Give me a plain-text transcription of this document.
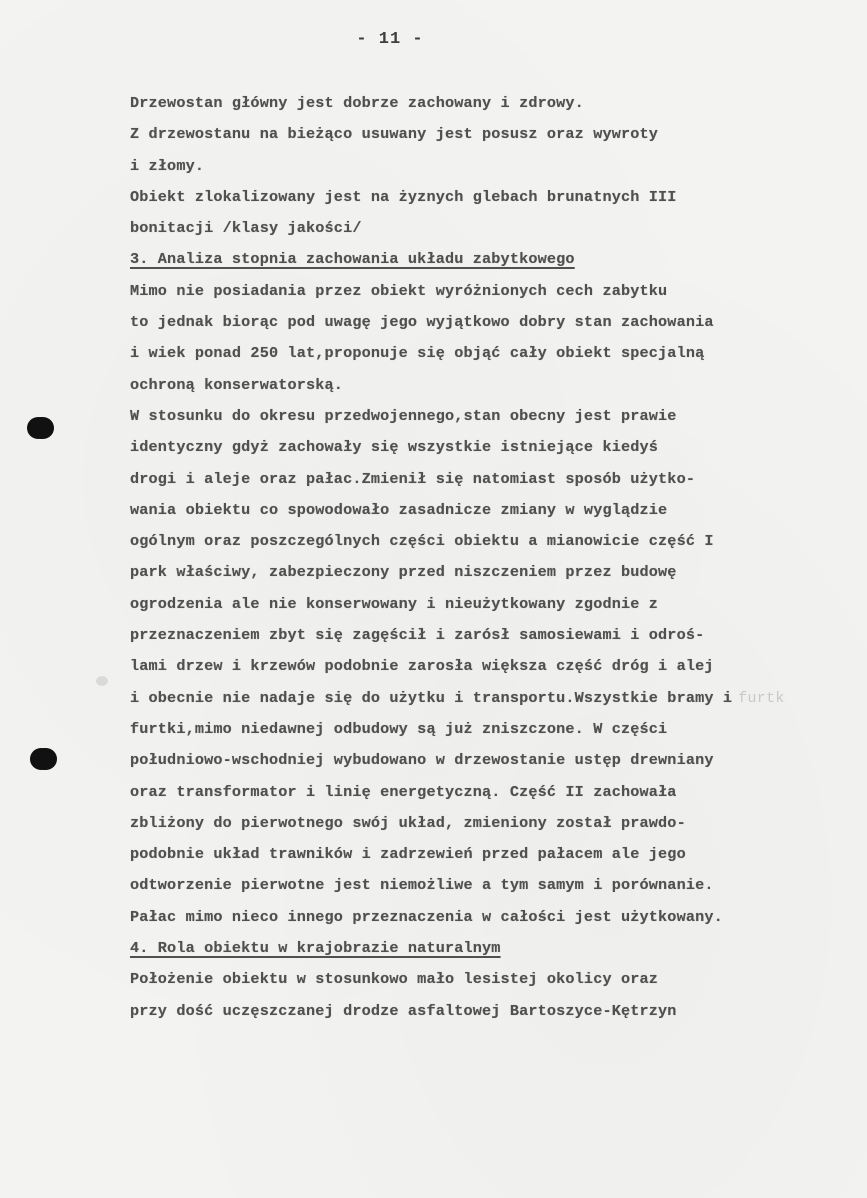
- 11 -
Drzewostan główny jest dobrze zachowany i zdrowy.
Z drzewostanu na bieżąco usuwany jest posusz oraz wywroty
i złomy.
Obiekt zlokalizowany jest na żyznych glebach brunatnych III
bonitacji /klasy jakości/
3. Analiza stopnia zachowania układu zabytkowego
Mimo nie posiadania przez obiekt wyróżnionych cech zabytku
to jednak biorąc pod uwagę jego wyjątkowo dobry stan zachowania
i wiek ponad 250 lat,proponuje się objąć cały obiekt specjalną
ochroną konserwatorską.
W stosunku do okresu przedwojennego,stan obecny jest prawie
identyczny gdyż zachowały się wszystkie istniejące kiedyś
drogi i aleje oraz pałac.Zmienił się natomiast sposób użytko-
wania obiektu co spowodowało zasadnicze zmiany w wyglądzie
ogólnym oraz poszczególnych części obiektu a mianowicie część I
park właściwy, zabezpieczony przed niszczeniem przez budowę
ogrodzenia ale nie konserwowany i nieużytkowany zgodnie z
przeznaczeniem zbyt się zagęścił i zarósł samosiewami i odroś-
lami drzew i krzewów podobnie zarosła większa część dróg i alej
i obecnie nie nadaje się do użytku i transportu.Wszystkie bramy i furtk
furtki,mimo niedawnej odbudowy są już zniszczone. W części
południowo-wschodniej wybudowano w drzewostanie ustęp drewniany
oraz transformator i linię energetyczną. Część II zachowała
zbliżony do pierwotnego swój układ, zmieniony został prawdo-
podobnie układ trawników i zadrzewień przed pałacem ale jego
odtworzenie pierwotne jest niemożliwe a tym samym i porównanie.
Pałac mimo nieco innego przeznaczenia w całości jest użytkowany.
4. Rola obiektu w krajobrazie naturalnym
Położenie obiektu w stosunkowo mało lesistej okolicy oraz
przy dość uczęszczanej drodze asfaltowej Bartoszyce-Kętrzyn
